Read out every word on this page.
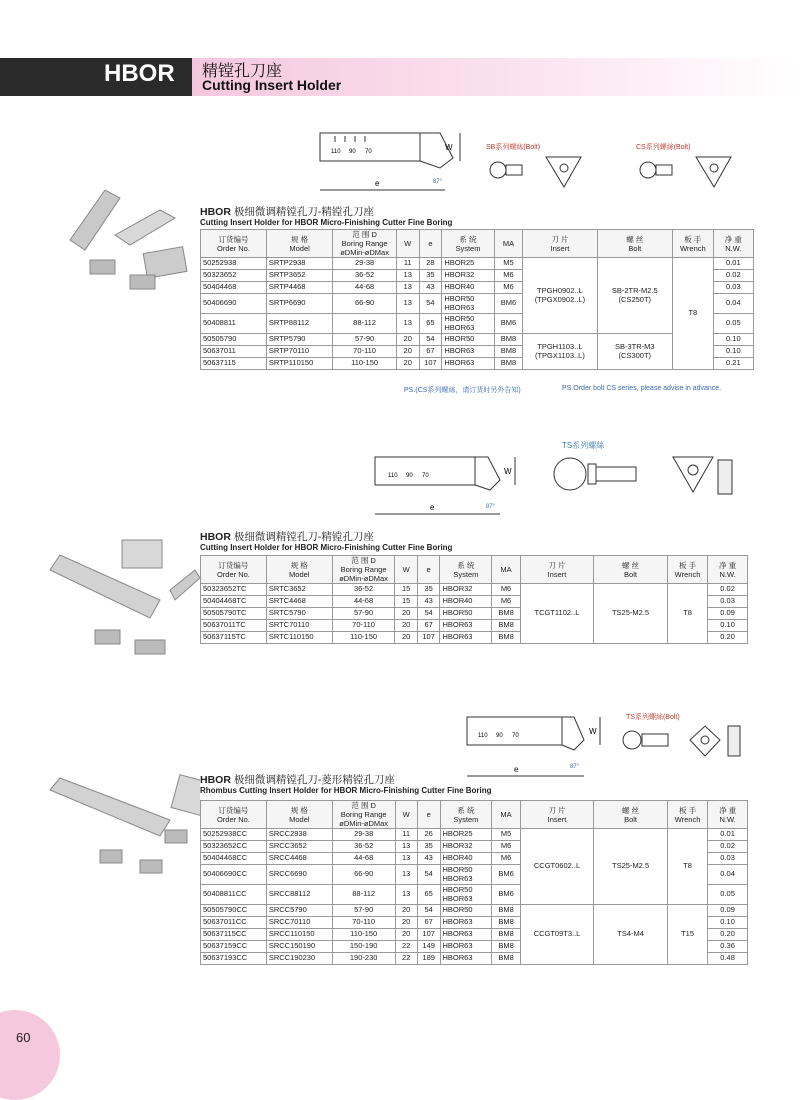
HBOR 精镗孔刀座
Cutting Insert Holder
110 90 70
e
W
87°
SB系列螺絲(Bolt)	CS系列螺絲(Bolt)
HBOR 极细微调精镗孔刀-精镗孔刀座
Cutting Insert Holder for HBOR Micro-Finishing Cutter Fine Boring
订货编号
Order No.	规 格
Model	范 围 D
Boring Range
øDMin-øDMax	W	e	系 统
System	MA	刀 片
Insert	螺 丝
Bolt	板 手
Wrench	净 重
N.W.
50252938	SRTP2938	29-38	11	28	HBOR25	M5	TPGH0902..L (TPGX0902..L)	SB-2TR-M2.5 (CS250T)	T8	0.01
50323652	SRTP3652	36-52	13	35	HBOR32	M6				0.02
50404468	SRTP4468	44-68	13	43	HBOR40	M6				0.03
50406690	SRTP6690	66-90	13	54	HBOR50 HBOR63	BM6				0.04
50408811	SRTP88112	88-112	13	65	HBOR50 HBOR63	BM6				0.05
50505790	SRTP5790	57-90	20	54	HBOR50	BM8	TPGH1103..L (TPGX1103..L)	SB-3TR-M3 (CS300T)		0.10
50637011	SRTP70110	70-110	20	67	HBOR63	BM8				0.10
50637115	SRTP110150	110-150	20	107	HBOR63	BM8				0.21
PS.(CS系列螺絲，请订货时另外告知)	PS.Order bolt CS series, please advise in advance.
110 90 70
e
W
87°
TS系列螺絲
HBOR 极细微调精镗孔刀-精镗孔刀座
Cutting Insert Holder for HBOR Micro-Finishing Cutter Fine Boring
订货编号
Order No.	规 格
Model	范 围 D
Boring Range
øDMin-øDMax	W	e	系 统
System	MA	刀 片
Insert	螺 丝
Bolt	板 手
Wrench	净 重
N.W.
50323652TC	SRTC3652	36-52	15	35	HBOR32	M6	TCGT1102..L	TS25-M2.5	T8	0.02
50404468TC	SRTC4468	44-68	15	43	HBOR40	M6				0.03
50505790TC	SRTC5790	57-90	20	54	HBOR50	BM8				0.09
50637011TC	SRTC70110	70-110	20	67	HBOR63	BM8				0.10
50637115TC	SRTC110150	110-150	20	107	HBOR63	BM8				0.20
110 90 70
e
W
87°
TS系列螺絲(Bolt)
HBOR 极细微调精镗孔刀-菱形精镗孔刀座
Rhombus Cutting Insert Holder for HBOR Micro-Finishing Cutter Fine Boring
订货编号
Order No.	规 格
Model	范 围 D
Boring Range
øDMin-øDMax	W	e	系 统
System	MA	刀 片
Insert	螺 丝
Bolt	板 手
Wrench	净 重
N.W.
50252938CC	SRCC2938	29-38	11	26	HBOR25	M5	CCGT0602..L	TS25-M2.5	T8	0.01
50323652CC	SRCC3652	36-52	13	35	HBOR32	M6				0.02
50404468CC	SRCC4468	44-68	13	43	HBOR40	M6				0.03
50406690CC	SRCC6690	66-90	13	54	HBOR50 HBOR63	BM6				0.04
50408811CC	SRCC88112	88-112	13	65	HBOR50 HBOR63	BM6				0.05
50505790CC	SRCC5790	57-90	20	54	HBOR50	BM8	CCGT09T3..L	TS4-M4	T15	0.09
50637011CC	SRCC70110	70-110	20	67	HBOR63	BM8				0.10
50637115CC	SRCC110150	110-150	20	107	HBOR63	BM8				0.20
50637159CC	SRCC150190	150-190	22	149	HBOR63	BM8				0.36
50637193CC	SRCC190230	190-230	22	189	HBOR63	BM8				0.48
60
